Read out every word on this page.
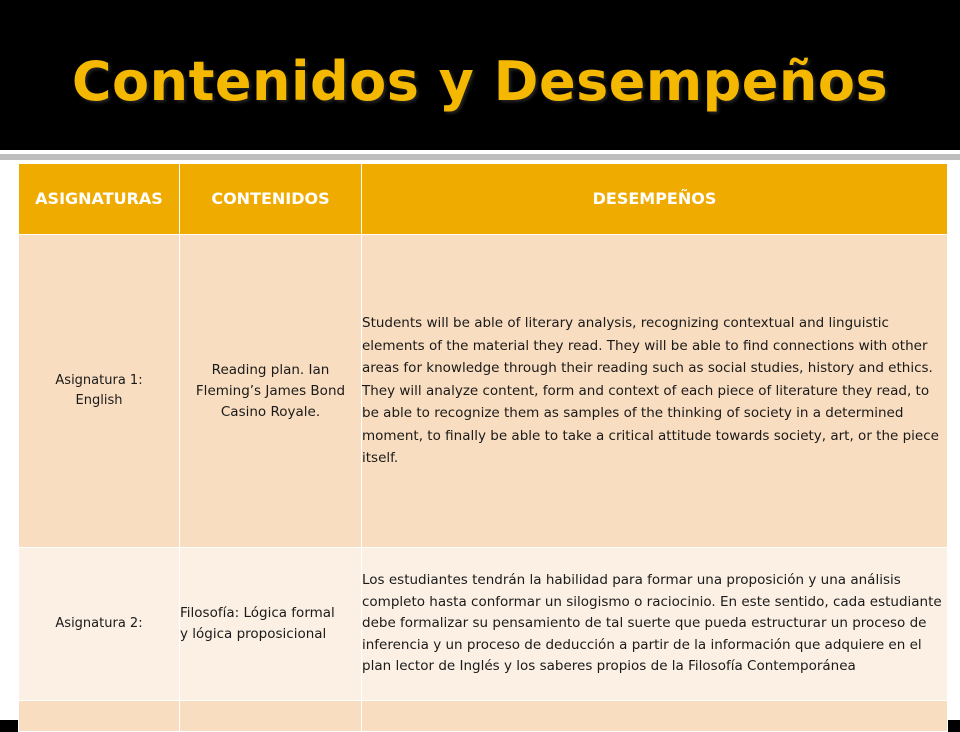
Contenidos y Desempeños
ASIGNATURAS	CONTENIDOS	DESEMPEÑOS

Asignatura 1: English	Reading plan. Ian Fleming’s James Bond Casino Royale.	Students will be able of literary analysis, recognizing contextual and linguistic elements of the material they read. They will be able to find connections with other areas for knowledge through their reading such as social studies, history and ethics. They will analyze content, form and context of each piece of literature they read, to be able to recognize them as samples of the thinking of society in a determined moment, to finally be able to take a critical attitude towards society, art, or the piece itself.

Asignatura 2:	Filosofía: Lógica formal y lógica proposicional	Los estudiantes tendrán la habilidad para formar una proposición y una análisis completo hasta conformar un silogismo o raciocinio. En este sentido, cada estudiante debe formalizar su pensamiento de tal suerte que pueda estructurar un proceso de inferencia y un proceso de deducción a partir de la información que adquiere en el plan lector de Inglés y los saberes propios de la Filosofía Contemporánea
